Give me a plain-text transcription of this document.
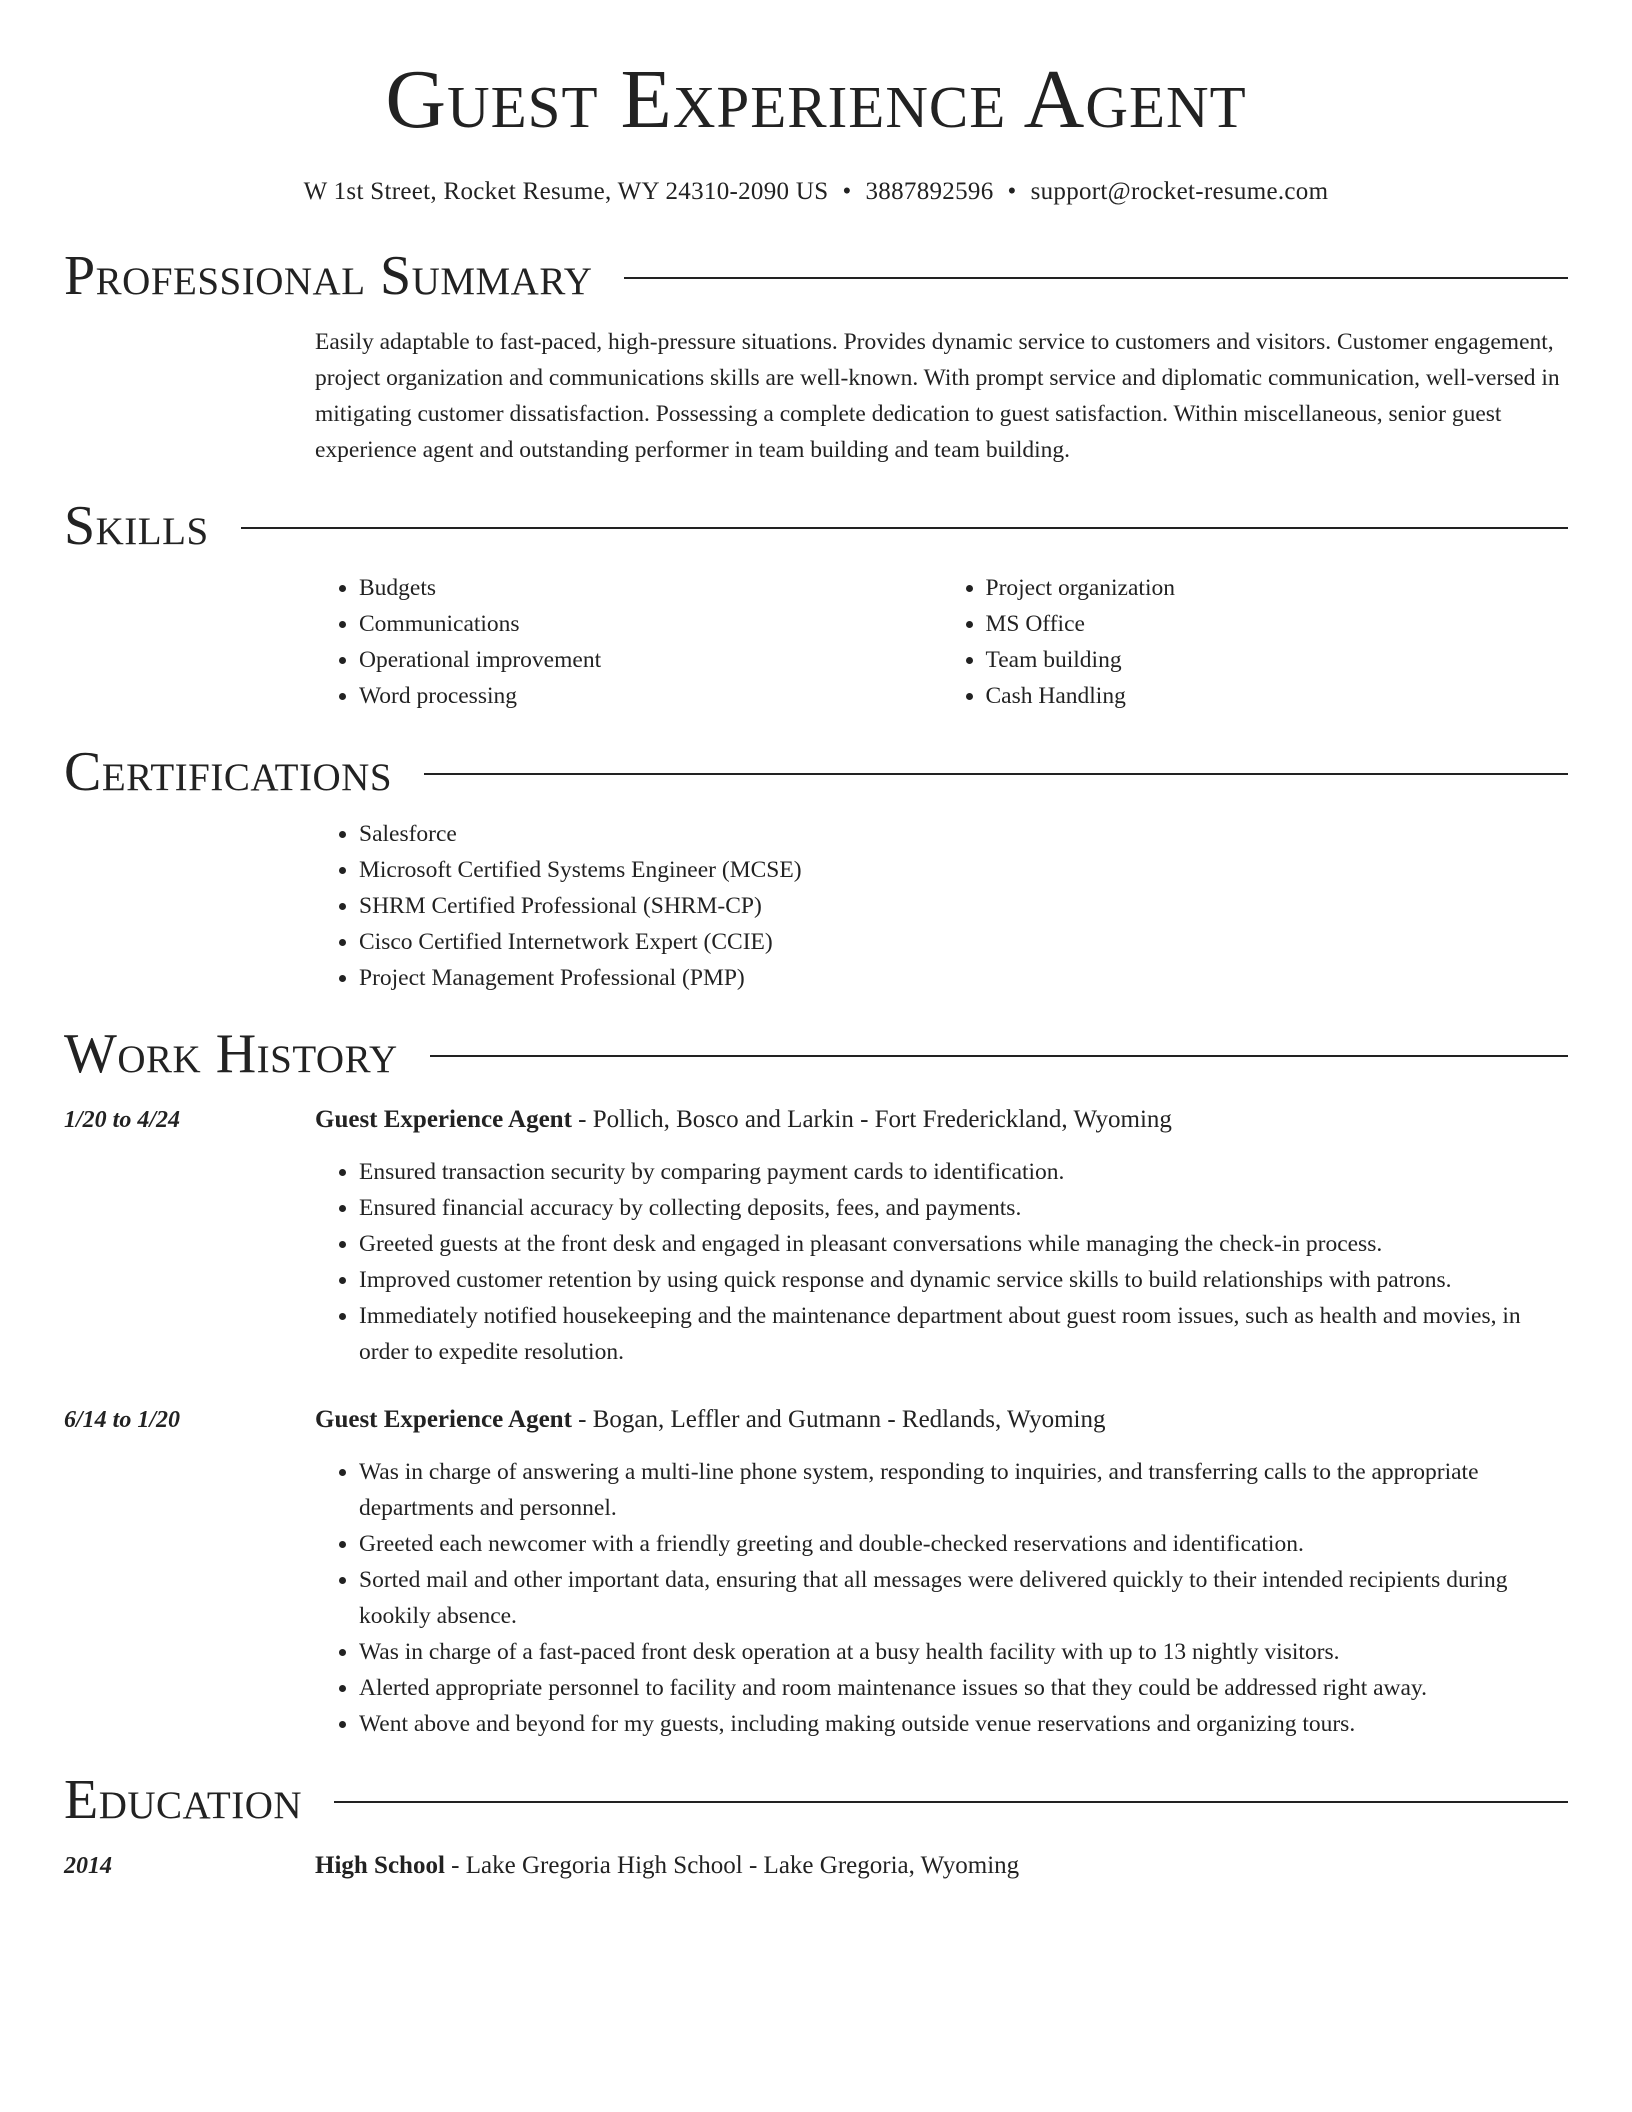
Guest Experience Agent
W 1st Street, Rocket Resume, WY 24310-2090 US • 3887892596 • support@rocket-resume.com
Professional Summary
Easily adaptable to fast-paced, high-pressure situations. Provides dynamic service to customers and visitors. Customer engagement, project organization and communications skills are well-known. With prompt service and diplomatic communication, well-versed in mitigating customer dissatisfaction. Possessing a complete dedication to guest satisfaction. Within miscellaneous, senior guest experience agent and outstanding performer in team building and team building.
Skills
• Budgets
• Communications
• Operational improvement
• Word processing
• Project organization
• MS Office
• Team building
• Cash Handling
Certifications
• Salesforce
• Microsoft Certified Systems Engineer (MCSE)
• SHRM Certified Professional (SHRM-CP)
• Cisco Certified Internetwork Expert (CCIE)
• Project Management Professional (PMP)
Work History
1/20 to 4/24	Guest Experience Agent - Pollich, Bosco and Larkin - Fort Frederickland, Wyoming
• Ensured transaction security by comparing payment cards to identification.
• Ensured financial accuracy by collecting deposits, fees, and payments.
• Greeted guests at the front desk and engaged in pleasant conversations while managing the check-in process.
• Improved customer retention by using quick response and dynamic service skills to build relationships with patrons.
• Immediately notified housekeeping and the maintenance department about guest room issues, such as health and movies, in order to expedite resolution.
6/14 to 1/20	Guest Experience Agent - Bogan, Leffler and Gutmann - Redlands, Wyoming
• Was in charge of answering a multi-line phone system, responding to inquiries, and transferring calls to the appropriate departments and personnel.
• Greeted each newcomer with a friendly greeting and double-checked reservations and identification.
• Sorted mail and other important data, ensuring that all messages were delivered quickly to their intended recipients during kookily absence.
• Was in charge of a fast-paced front desk operation at a busy health facility with up to 13 nightly visitors.
• Alerted appropriate personnel to facility and room maintenance issues so that they could be addressed right away.
• Went above and beyond for my guests, including making outside venue reservations and organizing tours.
Education
2014	High School - Lake Gregoria High School - Lake Gregoria, Wyoming
